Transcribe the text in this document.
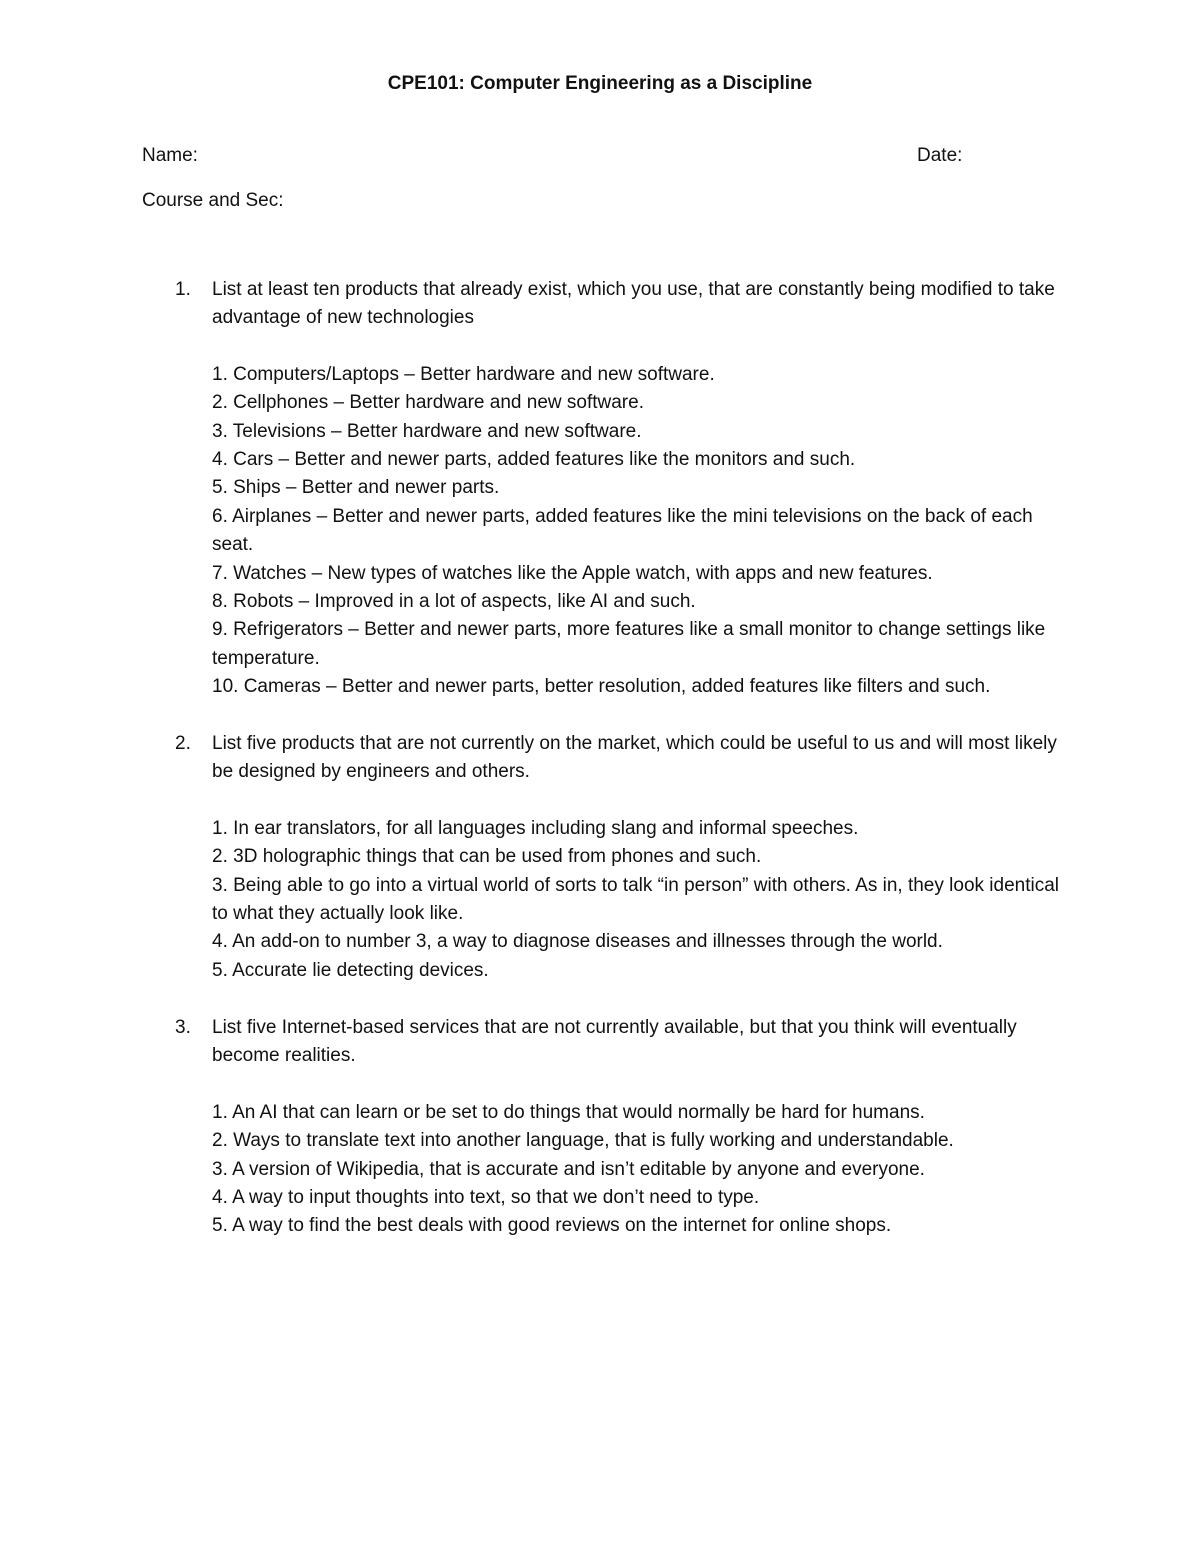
CPE101: Computer Engineering as a Discipline
Name:	Date:
Course and Sec:
1. List at least ten products that already exist, which you use, that are constantly being modified to take advantage of new technologies
1. Computers/Laptops – Better hardware and new software.
2. Cellphones – Better hardware and new software.
3. Televisions – Better hardware and new software.
4. Cars – Better and newer parts, added features like the monitors and such.
5. Ships – Better and newer parts.
6. Airplanes – Better and newer parts, added features like the mini televisions on the back of each seat.
7. Watches – New types of watches like the Apple watch, with apps and new features.
8. Robots – Improved in a lot of aspects, like AI and such.
9. Refrigerators – Better and newer parts, more features like a small monitor to change settings like temperature.
10. Cameras – Better and newer parts, better resolution, added features like filters and such.
2. List five products that are not currently on the market, which could be useful to us and will most likely be designed by engineers and others.
1. In ear translators, for all languages including slang and informal speeches.
2. 3D holographic things that can be used from phones and such.
3. Being able to go into a virtual world of sorts to talk “in person” with others. As in, they look identical to what they actually look like.
4. An add-on to number 3, a way to diagnose diseases and illnesses through the world.
5. Accurate lie detecting devices.
3. List five Internet-based services that are not currently available, but that you think will eventually become realities.
1. An AI that can learn or be set to do things that would normally be hard for humans.
2. Ways to translate text into another language, that is fully working and understandable.
3. A version of Wikipedia, that is accurate and isn’t editable by anyone and everyone.
4. A way to input thoughts into text, so that we don’t need to type.
5. A way to find the best deals with good reviews on the internet for online shops.
